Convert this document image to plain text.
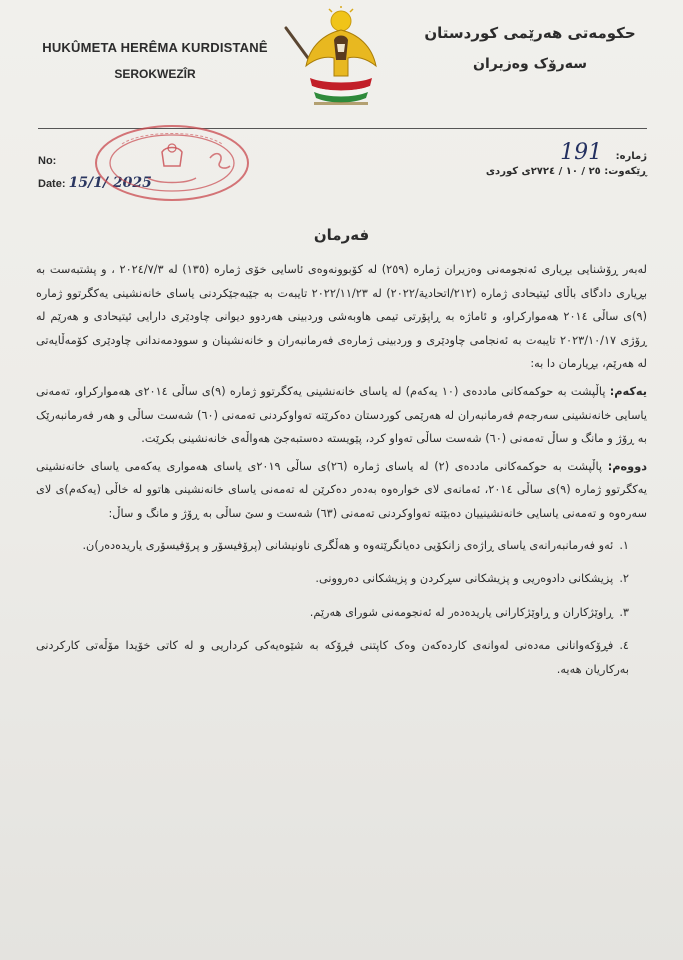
HUKÛMETA HERÊMA KURDISTANÊ
SEROKWEZÎR
حکومەتی هەرێمی کوردستان
سەرۆک وەزیران
No:
Date: 15/1/ 2025
ژمارە: 191
ڕێکەوت: ٢٥ / ١٠ / ٢٧٢٤ی کوردی
فەرمان

لەبەر ڕۆشنایی بڕیاری ئەنجومەنی وەزیران ژمارە (٢٥٩) لە کۆبوونەوەی ئاسایی خۆی ژمارە (١٣٥) لە ٢٠٢٤/٧/٣ ، و پشتبەست بە بڕیاری دادگای باڵای ئیتیحادی ژمارە (٢١٢/اتحادية/٢٠٢٢) لە ٢٠٢٢/١١/٢٣ تایبەت بە جێبەجێکردنی یاسای خانەنشینی یەکگرتوو ژمارە (٩)ی ساڵی ٢٠١٤ هەموارکراو، و ئاماژە بە ڕاپۆرتی تیمی هاوبەشی وردبینی هەردوو دیوانی چاودێری دارایی ئیتیحادی و هەرێم لە ڕۆژی ٢٠٢٣/١٠/١٧ تایبەت بە ئەنجامی چاودێری و وردبینی ژمارەی فەرمانبەران و خانەنشینان و سوودمەندانی چاودێری کۆمەڵایەتی لە هەرێم، بڕیارمان دا بە:

یەکەم: پاڵپشت بە حوکمەکانی ماددەی (١٠ یەکەم) لە یاسای خانەنشینی یەکگرتوو ژمارە (٩)ی ساڵی ٢٠١٤ی هەموارکراو، تەمەنی یاسایی خانەنشینی سەرجەم فەرمانبەران لە هەرێمی کوردستان دەکرێتە تەواوکردنی تەمەنی (٦٠) شەست ساڵی و هەر فەرمانبەرێک بە ڕۆژ و مانگ و ساڵ تەمەنی (٦٠) شەست ساڵی تەواو کرد، پێویستە دەستبەجێ هەواڵەی خانەنشینی بکرێت.

دووەم: پاڵپشت بە حوکمەکانی ماددەی (٢) لە یاسای ژمارە (٢٦)ی ساڵی ٢٠١٩ی یاسای هەمواری یەکەمی یاسای خانەنشینی یەکگرتوو ژمارە (٩)ی ساڵی ٢٠١٤، ئەمانەی لای خوارەوە بەدەر دەکرێن لە تەمەنی یاسای خانەنشینی هاتوو لە خاڵی (یەکەم)ی لای سەرەوە و تەمەنی یاسایی خانەنشینییان دەبێتە تەواوکردنی تەمەنی (٦٣) شەست و سێ ساڵی بە ڕۆژ و مانگ و ساڵ:

١.ئەو فەرمانبەرانەی یاسای ڕاژەی زانکۆیی دەیانگرێتەوە و هەڵگری ناونیشانی (پرۆفیسۆر و پرۆفیسۆری یاریدەدەر)ن.
٢.پزیشکانی دادوەریی و پزیشکانی سڕکردن و پزیشکانی دەروونی.
٣.ڕاوێژکاران و ڕاوێژکارانی یاریدەدەر لە ئەنجومەنی شورای هەرێم.
٤.فڕۆکەوانانی مەدەنی لەوانەی کاردەکەن وەک کاپتنی فڕۆکە بە شێوەیەکی کرداریی و لە کاتی خۆیدا مۆڵەتی کارکردنی بەرکاریان هەیە.
